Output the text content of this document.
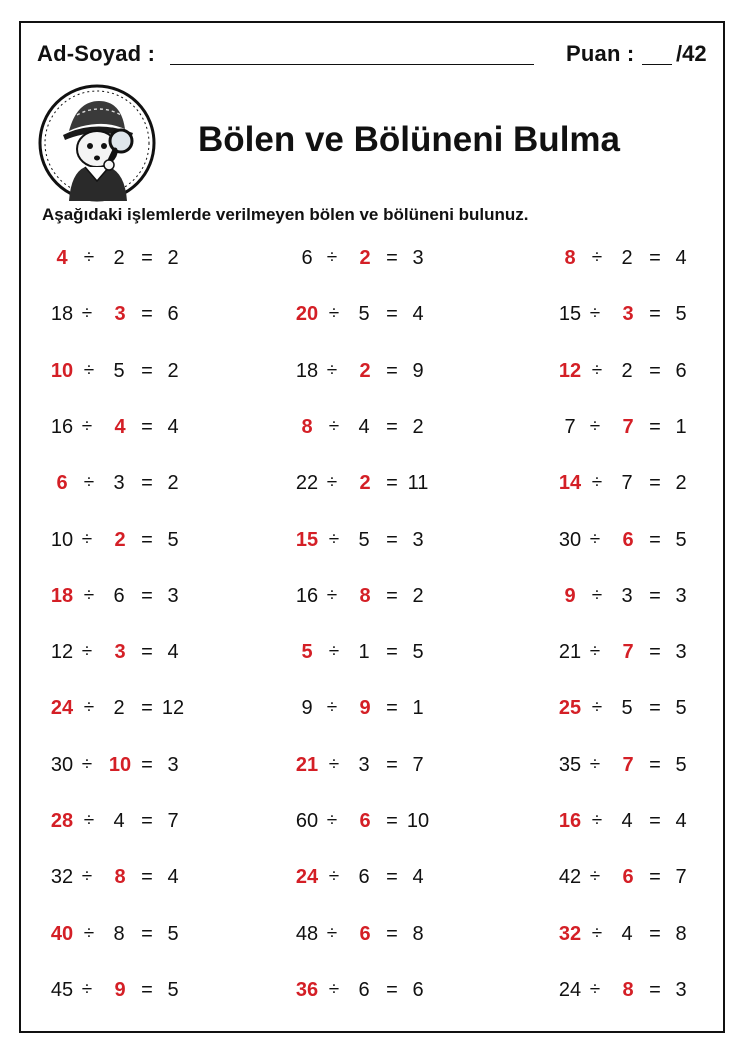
Ad-Soyad :	Puan : /42
Bölen ve Bölüneni Bulma
Aşağıdaki işlemlerde verilmeyen bölen ve bölüneni bulunuz.
4 ÷ 2 = 2	6 ÷	2 = 3	8 ÷ 2 = 4
18 ÷	3 = 6	20 ÷ 5 = 4	15 ÷	3 = 5
10 ÷ 5 = 2	18 ÷	2 = 9	12 ÷ 2 = 6
16 ÷	4 = 4	8 ÷ 4 = 2	7 ÷	7 = 1
6 ÷ 3 = 2	22 ÷	2 = 11	14 ÷ 7 = 2
10 ÷	2 = 5	15 ÷ 5 = 3	30 ÷	6 = 5
18 ÷ 6 = 3	16 ÷	8 = 2	9 ÷ 3 = 3
12 ÷	3 = 4	5 ÷ 1 = 5	21 ÷	7 = 3
24 ÷ 2 = 12	9 ÷	9 = 1	25 ÷ 5 = 5
30 ÷ 10 = 3	21 ÷ 3 = 7	35 ÷	7 = 5
28 ÷ 4 = 7	60 ÷	6 = 10	16 ÷ 4 = 4
32 ÷	8 = 4	24 ÷ 6 = 4	42 ÷	6 = 7
40 ÷ 8 = 5	48 ÷	6 = 8	32 ÷ 4 = 8
45 ÷	9 = 5	36 ÷ 6 = 6	24 ÷	8 = 3
